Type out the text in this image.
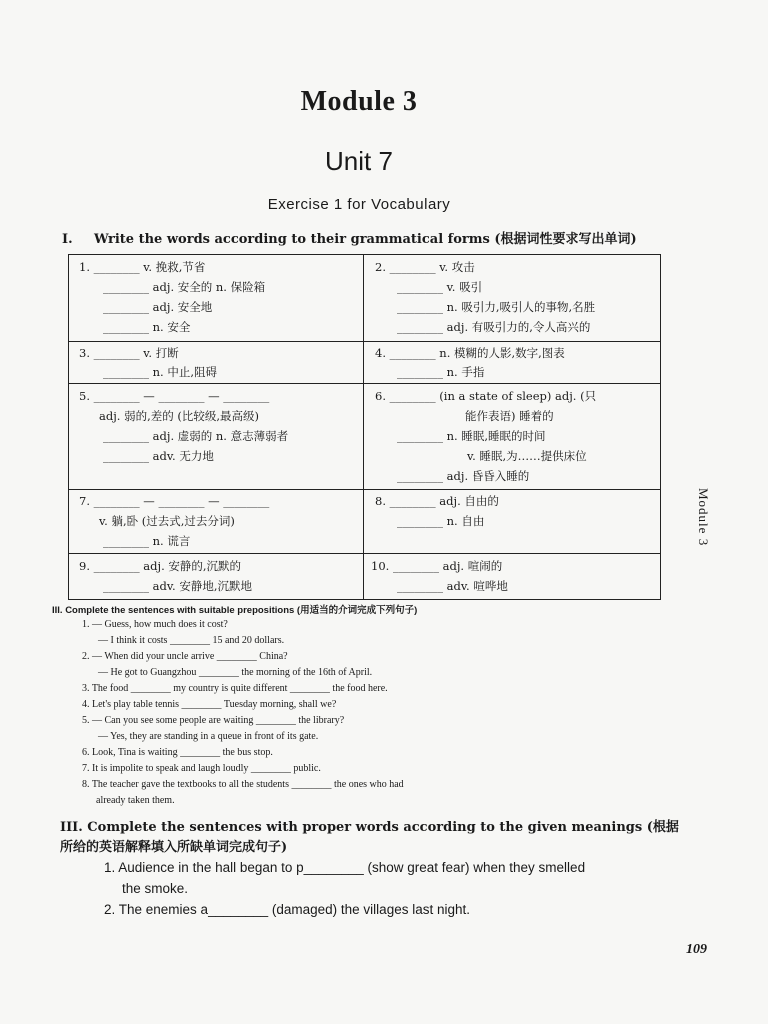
Module 3
Unit 7
Exercise 1 for Vocabulary
I. Write the words according to their grammatical forms (根据词性要求写出单词)
1. ________ v. 挽救,节省
________ adj. 安全的 n. 保险箱
________ adj. 安全地
________ n. 安全
2. ________ v. 攻击
________ v. 吸引
________ n. 吸引力,吸引人的事物,名胜
________ adj. 有吸引力的,令人高兴的
3. ________ v. 打断
________ n. 中止,阻碍
4. ________ n. 模糊的人影,数字,图表
________ n. 手指
5. ________ — ________ — ________
adj. 弱的,差的 (比较级,最高级)
________ adj. 虚弱的 n. 意志薄弱者
________ adv. 无力地
6. ________ (in a state of sleep) adj. (只
能作表语) 睡着的
________ n. 睡眠,睡眠的时间
v. 睡眠,为……提供床位
________ adj. 昏昏入睡的
7. ________ — ________ — ________
v. 躺,卧 (过去式,过去分词)
________ n. 谎言
8. ________ adj. 自由的
________ n. 自由
9. ________ adj. 安静的,沉默的
________ adv. 安静地,沉默地
10. ________ adj. 喧闹的
________ adv. 喧哗地
III. Complete the sentences with suitable prepositions (用适当的介词完成下列句子)
1. — Guess, how much does it cost?
— I think it costs ________ 15 and 20 dollars.
2. — When did your uncle arrive ________ China?
— He got to Guangzhou ________ the morning of the 16th of April.
3. The food ________ my country is quite different ________ the food here.
4. Let's play table tennis ________ Tuesday morning, shall we?
5. — Can you see some people are waiting ________ the library?
— Yes, they are standing in a queue in front of its gate.
6. Look, Tina is waiting ________ the bus stop.
7. It is impolite to speak and laugh loudly ________ public.
8. The teacher gave the textbooks to all the students ________ the ones who had
already taken them.
III. Complete the sentences with proper words according to the given meanings (根据所给的英语解释填入所缺单词完成句子)
1. Audience in the hall began to p________ (show great fear) when they smelled
the smoke.
2. The enemies a________ (damaged) the villages last night.
Module 3
109
